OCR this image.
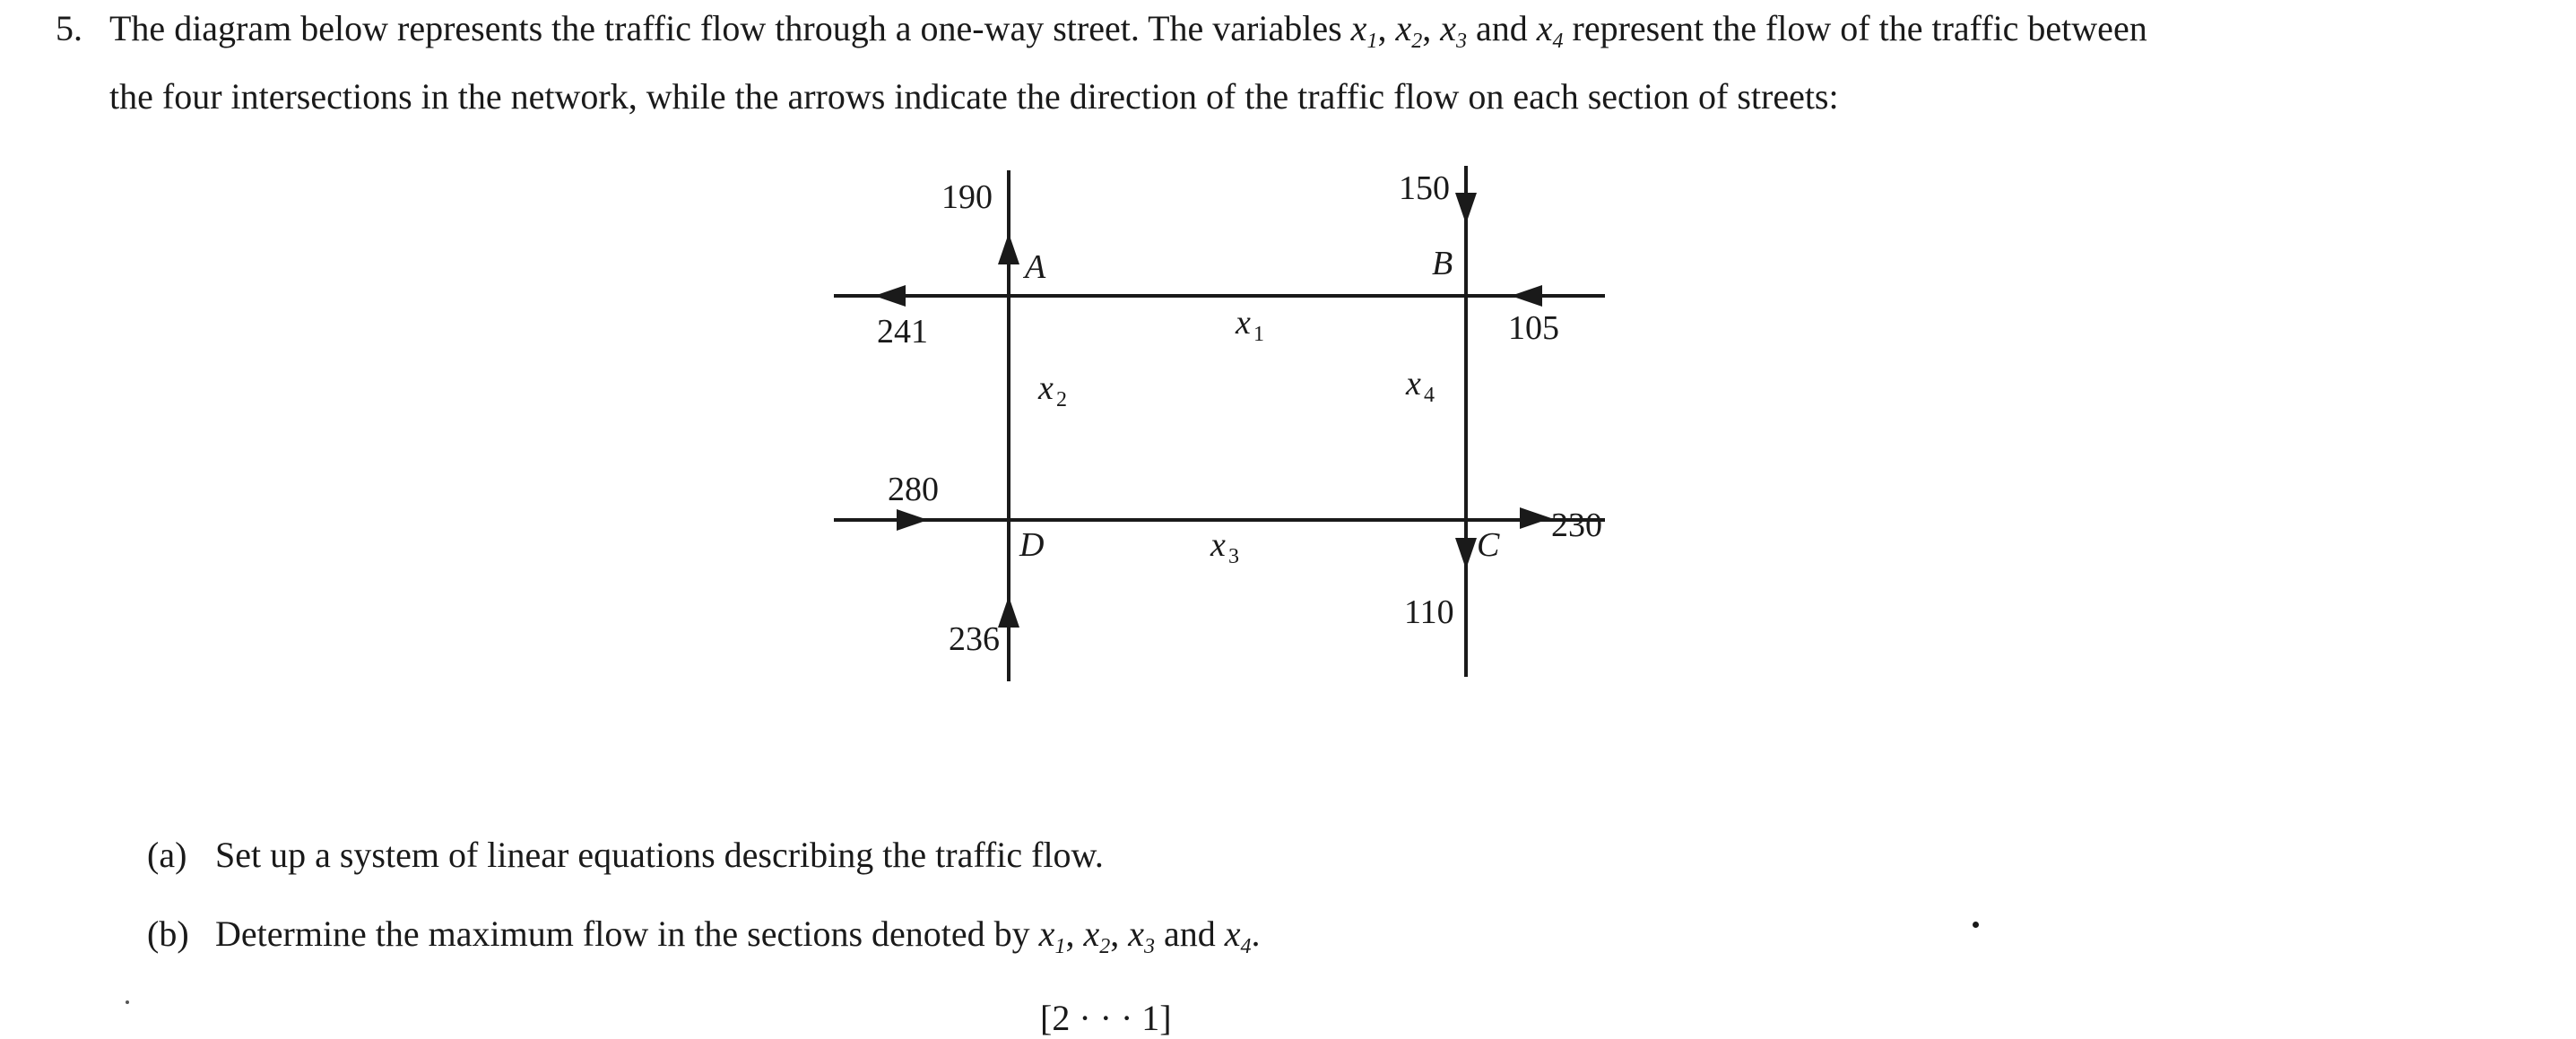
5. The diagram below represents the traffic flow through a one-way street. The variables $x_1$, $x_2$, $x_3$ and $x_4$ represent the flow of the traffic between
the four intersections in the network, while the arrows indicate the direction of the traffic flow on each section of streets:
A	B
C
D
190	150
241	105
280
230
236
110
x 1
x 2
x 3
x 4
(a) Set up a system of linear equations describing the traffic flow.
(b) Determine the maximum flow in the sections denoted by $x_1$, $x_2$, $x_3$ and $x_4$.
[2 · · · 1]
